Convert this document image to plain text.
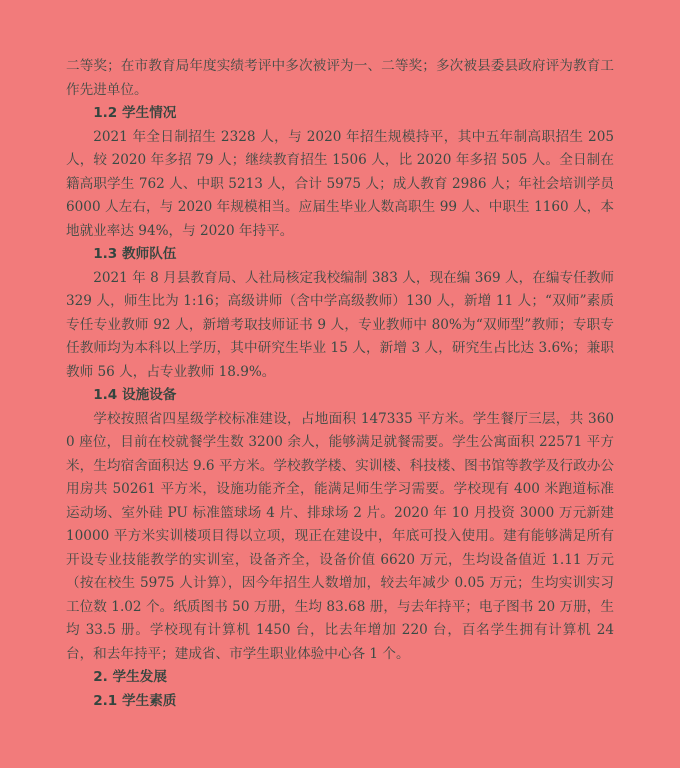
二等奖；在市教育局年度实绩考评中多次被评为一、二等奖；多次被县委县政府评为教育工作先进单位。

1.2 学生情况

2021 年全日制招生 2328 人，与 2020 年招生规模持平，其中五年制高职招生 205 人，较 2020 年多招 79 人；继续教育招生 1506 人，比 2020 年多招 505 人。全日制在籍高职学生 762 人、中职 5213 人，合计 5975 人；成人教育 2986 人；年社会培训学员 6000 人左右，与 2020 年规模相当。应届生毕业人数高职生 99 人、中职生 1160 人，本地就业率达 94%，与 2020 年持平。

1.3 教师队伍

2021 年 8 月县教育局、人社局核定我校编制 383 人，现在编 369 人，在编专任教师 329 人，师生比为 1:16；高级讲师（含中学高级教师）130 人，新增 11 人；“双师”素质专任专业教师 92 人，新增考取技师证书 9 人，专业教师中 80%为“双师型”教师；专职专任教师均为本科以上学历，其中研究生毕业 15 人，新增 3 人，研究生占比达 3.6%；兼职教师 56 人，占专业教师 18.9%。

1.4 设施设备

学校按照省四星级学校标准建设，占地面积 147335 平方米。学生餐厅三层，共 3600 座位，目前在校就餐学生数 3200 余人，能够满足就餐需要。学生公寓面积 22571 平方米，生均宿舍面积达 9.6 平方米。学校教学楼、实训楼、科技楼、图书馆等教学及行政办公用房共 50261 平方米，设施功能齐全，能满足师生学习需要。学校现有 400 米跑道标准运动场、室外硅 PU 标准篮球场 4 片、排球场 2 片。2020 年 10 月投资 3000 万元新建 10000 平方米实训楼项目得以立项，现正在建设中，年底可投入使用。建有能够满足所有开设专业技能教学的实训室，设备齐全，设备价值 6620 万元，生均设备值近 1.11 万元（按在校生 5975 人计算），因今年招生人数增加，较去年减少 0.05 万元；生均实训实习工位数 1.02 个。纸质图书 50 万册，生均 83.68 册，与去年持平；电子图书 20 万册，生均 33.5 册。学校现有计算机 1450 台，比去年增加 220 台，百名学生拥有计算机 24 台，和去年持平；建成省、市学生职业体验中心各 1 个。

2. 学生发展

2.1 学生素质
